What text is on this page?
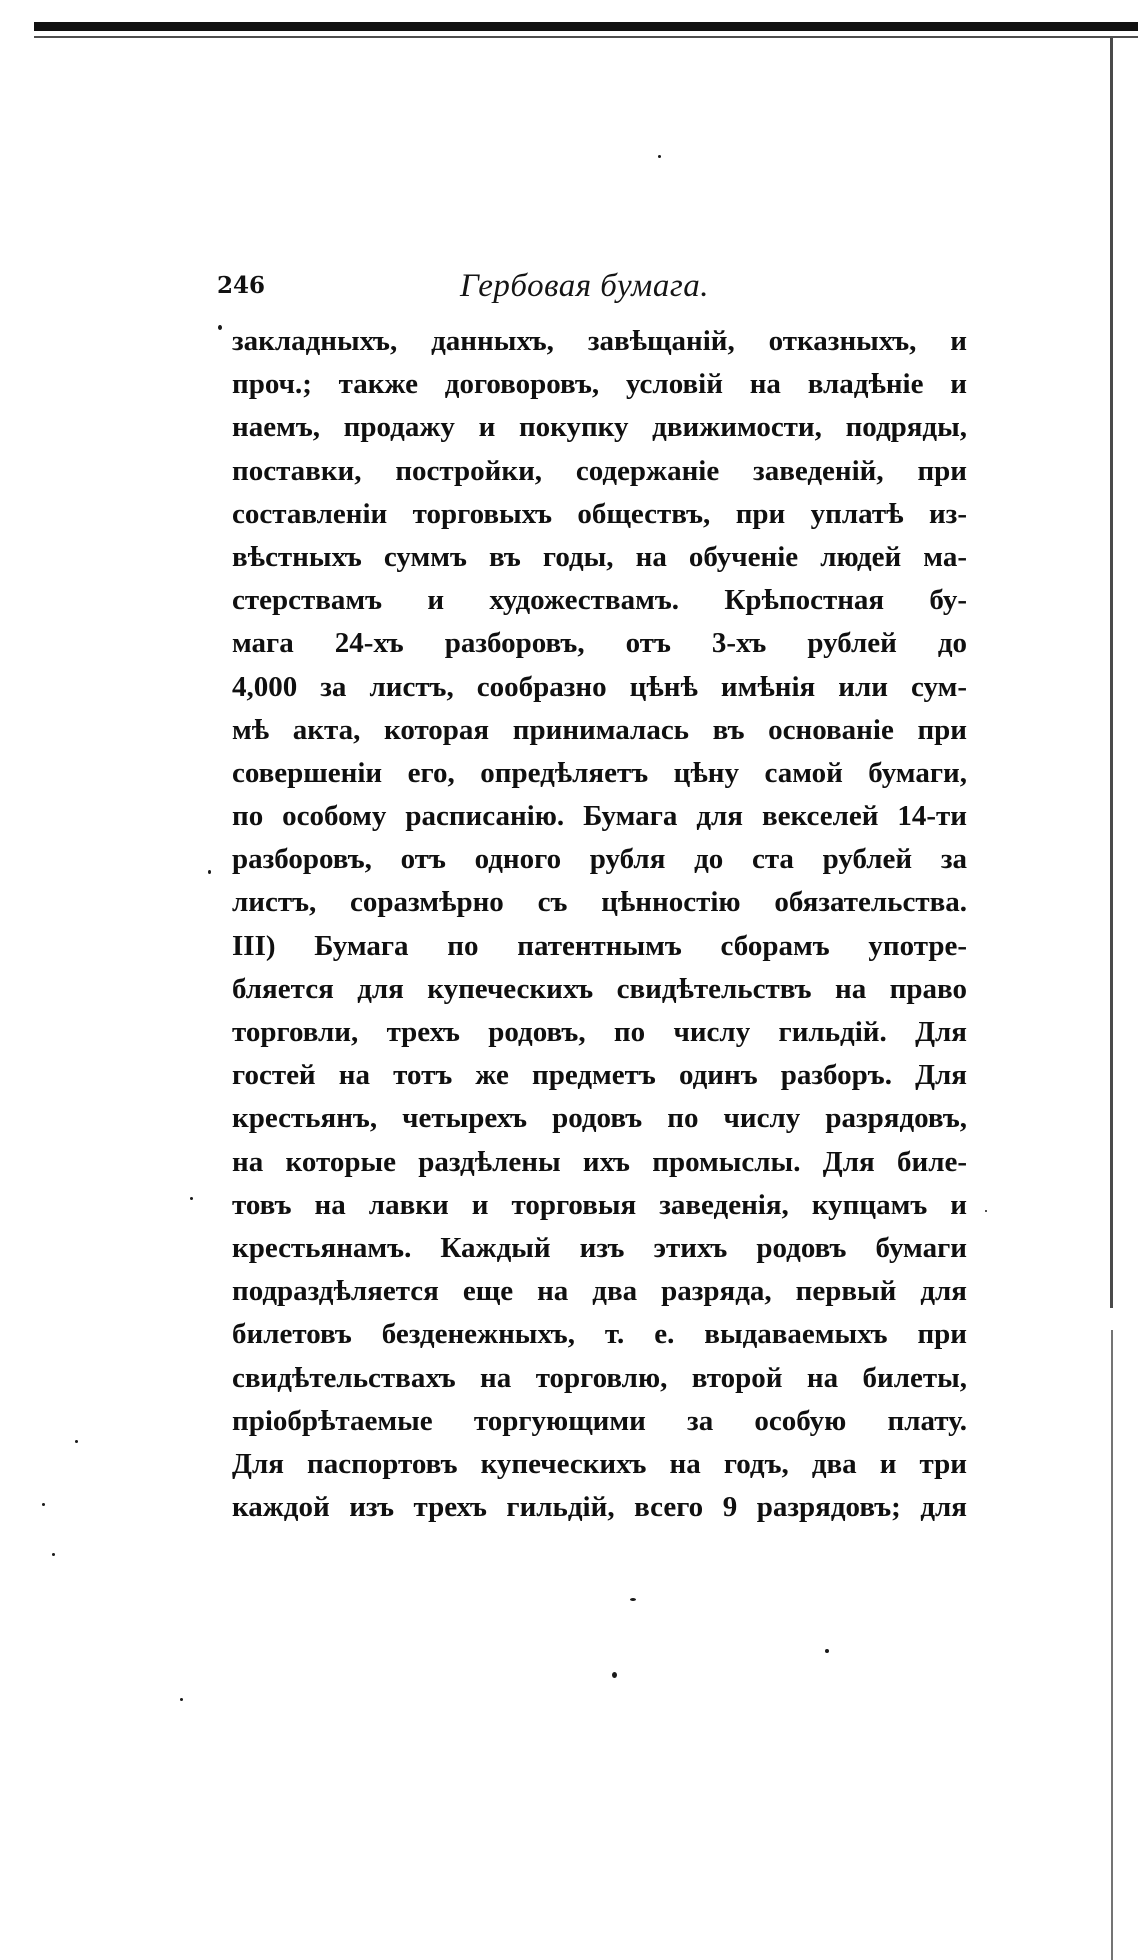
246	Гербовая бумага.
закладныхъ, данныхъ, завѣщаній, отказныхъ, и
проч.; также договоровъ, условій на владѣніе и
наемъ, продажу и покупку движимости, подряды,
поставки, постройки, содержаніе заведеній, при
составленіи торговыхъ обществъ, при уплатѣ из-
вѣстныхъ суммъ въ годы, на обученіе людей ма-
стерствамъ и художествамъ. Крѣпостная бу-
мага 24-хъ разборовъ, отъ 3-хъ рублей до
4,000 за листъ, сообразно цѣнѣ имѣнія или сум-
мѣ акта, которая принималась въ основаніе при
совершеніи его, опредѣляетъ цѣну самой бумаги,
по особому расписанію. Бумага для векселей 14-ти
разборовъ, отъ одного рубля до ста рублей за
листъ, соразмѣрно съ цѣнностію обязательства.
III) Бумага по патентнымъ сборамъ употре-
бляется для купеческихъ свидѣтельствъ на право
торговли, трехъ родовъ, по числу гильдій. Для
гостей на тотъ же предметъ одинъ разборъ. Для
крестьянъ, четырехъ родовъ по числу разрядовъ,
на которые раздѣлены ихъ промыслы. Для биле-
товъ на лавки и торговыя заведенія, купцамъ и
крестьянамъ. Каждый изъ этихъ родовъ бумаги
подраздѣляется еще на два разряда, первый для
билетовъ безденежныхъ, т. е. выдаваемыхъ при
свидѣтельствахъ на торговлю, второй на билеты,
пріобрѣтаемые торгующими за особую плату.
Для паспортовъ купеческихъ на годъ, два и три
каждой изъ трехъ гильдій, всего 9 разрядовъ; для
